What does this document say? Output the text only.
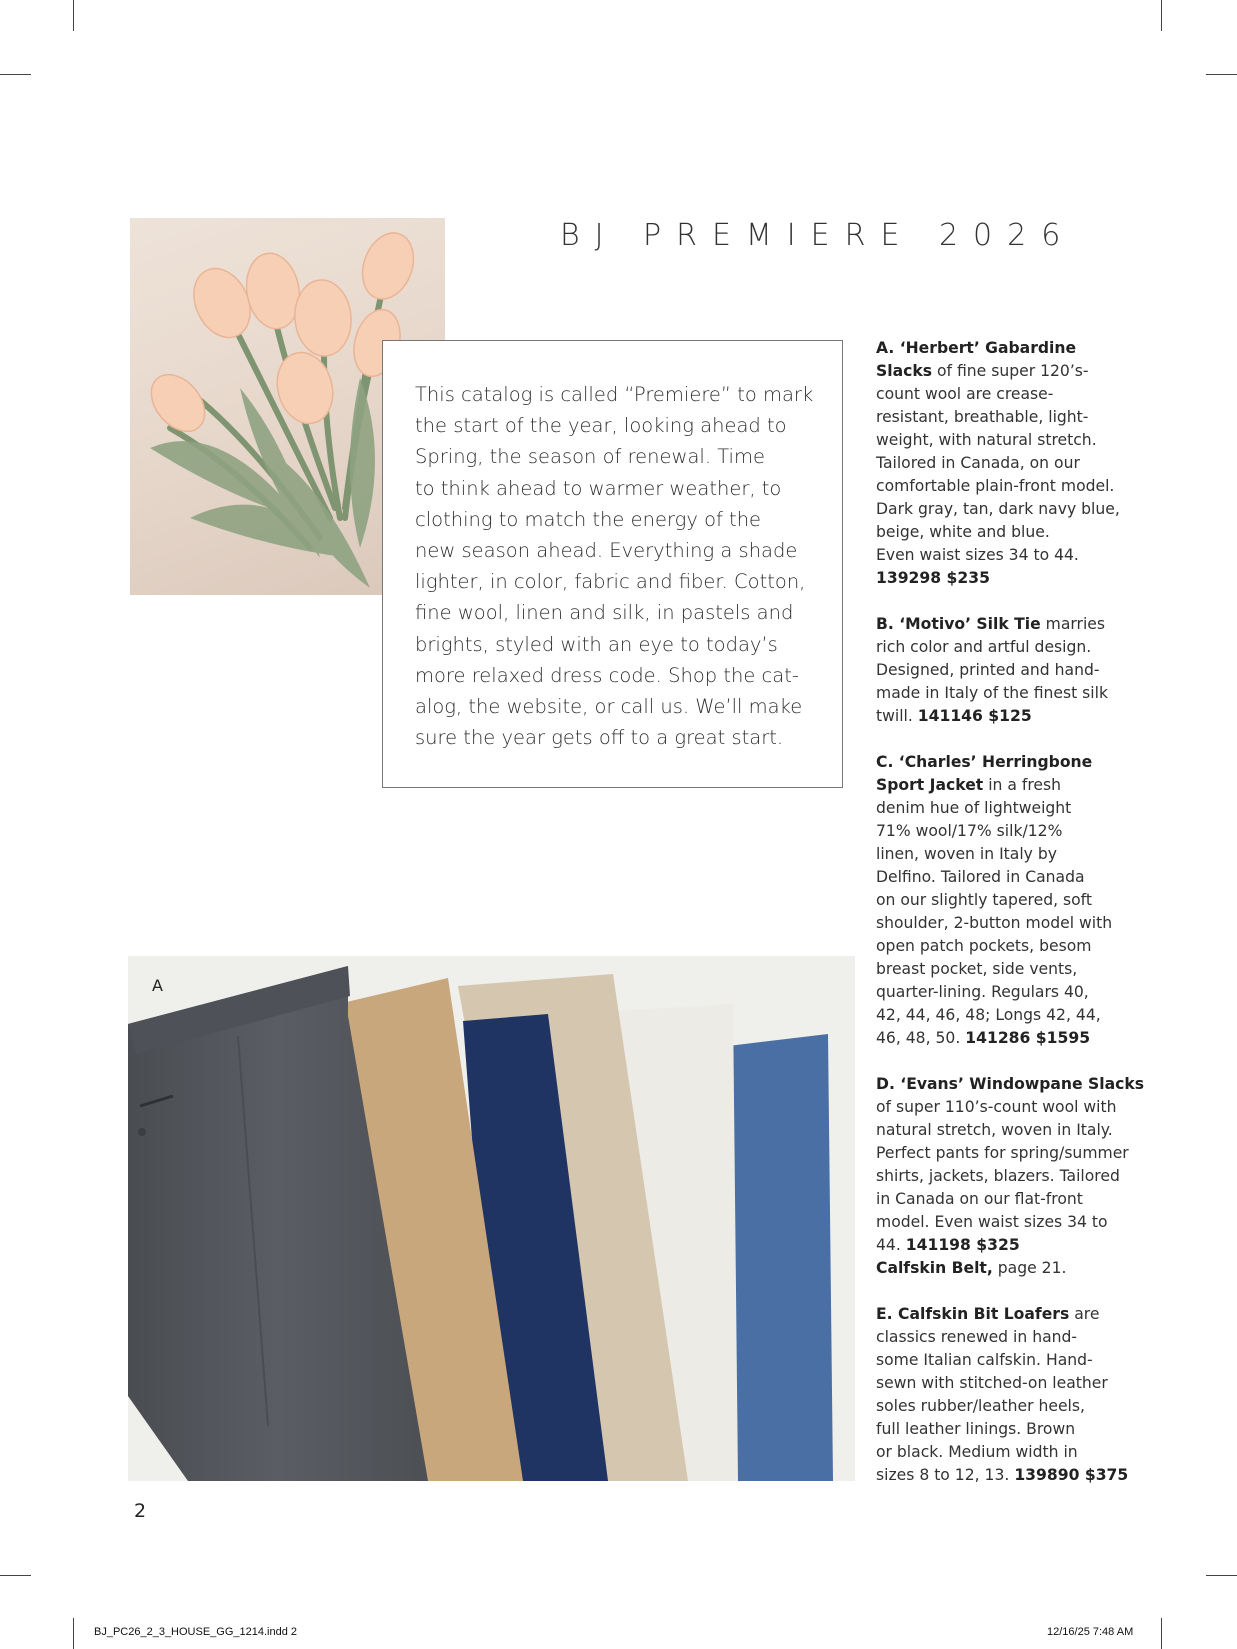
BJ PREMIERE 2026
This catalog is called “Premiere” to mark
the start of the year, looking ahead to
Spring, the season of renewal. Time
to think ahead to warmer weather, to
clothing to match the energy of the
new season ahead. Everything a shade
lighter, in color, fabric and fiber. Cotton,
fine wool, linen and silk, in pastels and
brights, styled with an eye to today’s
more relaxed dress code. Shop the cat-
alog, the website, or call us. We’ll make
sure the year gets off to a great start.
A. ‘Herbert’ Gabardine
Slacks of fine super 120’s-
count wool are crease-
resistant, breathable, light-
weight, with natural stretch.
Tailored in Canada, on our
comfortable plain-front model.
Dark gray, tan, dark navy blue,
beige, white and blue.
Even waist sizes 34 to 44.
139298 $235
B. ‘Motivo’ Silk Tie marries
rich color and artful design.
Designed, printed and hand-
made in Italy of the finest silk
twill. 141146 $125
C. ‘Charles’ Herringbone
Sport Jacket in a fresh
denim hue of lightweight
71% wool/17% silk/12%
linen, woven in Italy by
Delfino. Tailored in Canada
on our slightly tapered, soft
shoulder, 2-button model with
open patch pockets, besom
breast pocket, side vents,
quarter-lining. Regulars 40,
42, 44, 46, 48; Longs 42, 44,
46, 48, 50. 141286 $1595
D. ‘Evans’ Windowpane Slacks
of super 110’s-count wool with
natural stretch, woven in Italy.
Perfect pants for spring/summer
shirts, jackets, blazers. Tailored
in Canada on our flat-front
model. Even waist sizes 34 to
44. 141198 $325
Calfskin Belt, page 21.
E. Calfskin Bit Loafers are
classics renewed in hand-
some Italian calfskin. Hand-
sewn with stitched-on leather
soles rubber/leather heels,
full leather linings. Brown
or black. Medium width in
sizes 8 to 12, 13. 139890 $375
A
2
BJ_PC26_2_3_HOUSE_GG_1214.indd 2	12/16/25 7:48 AM
